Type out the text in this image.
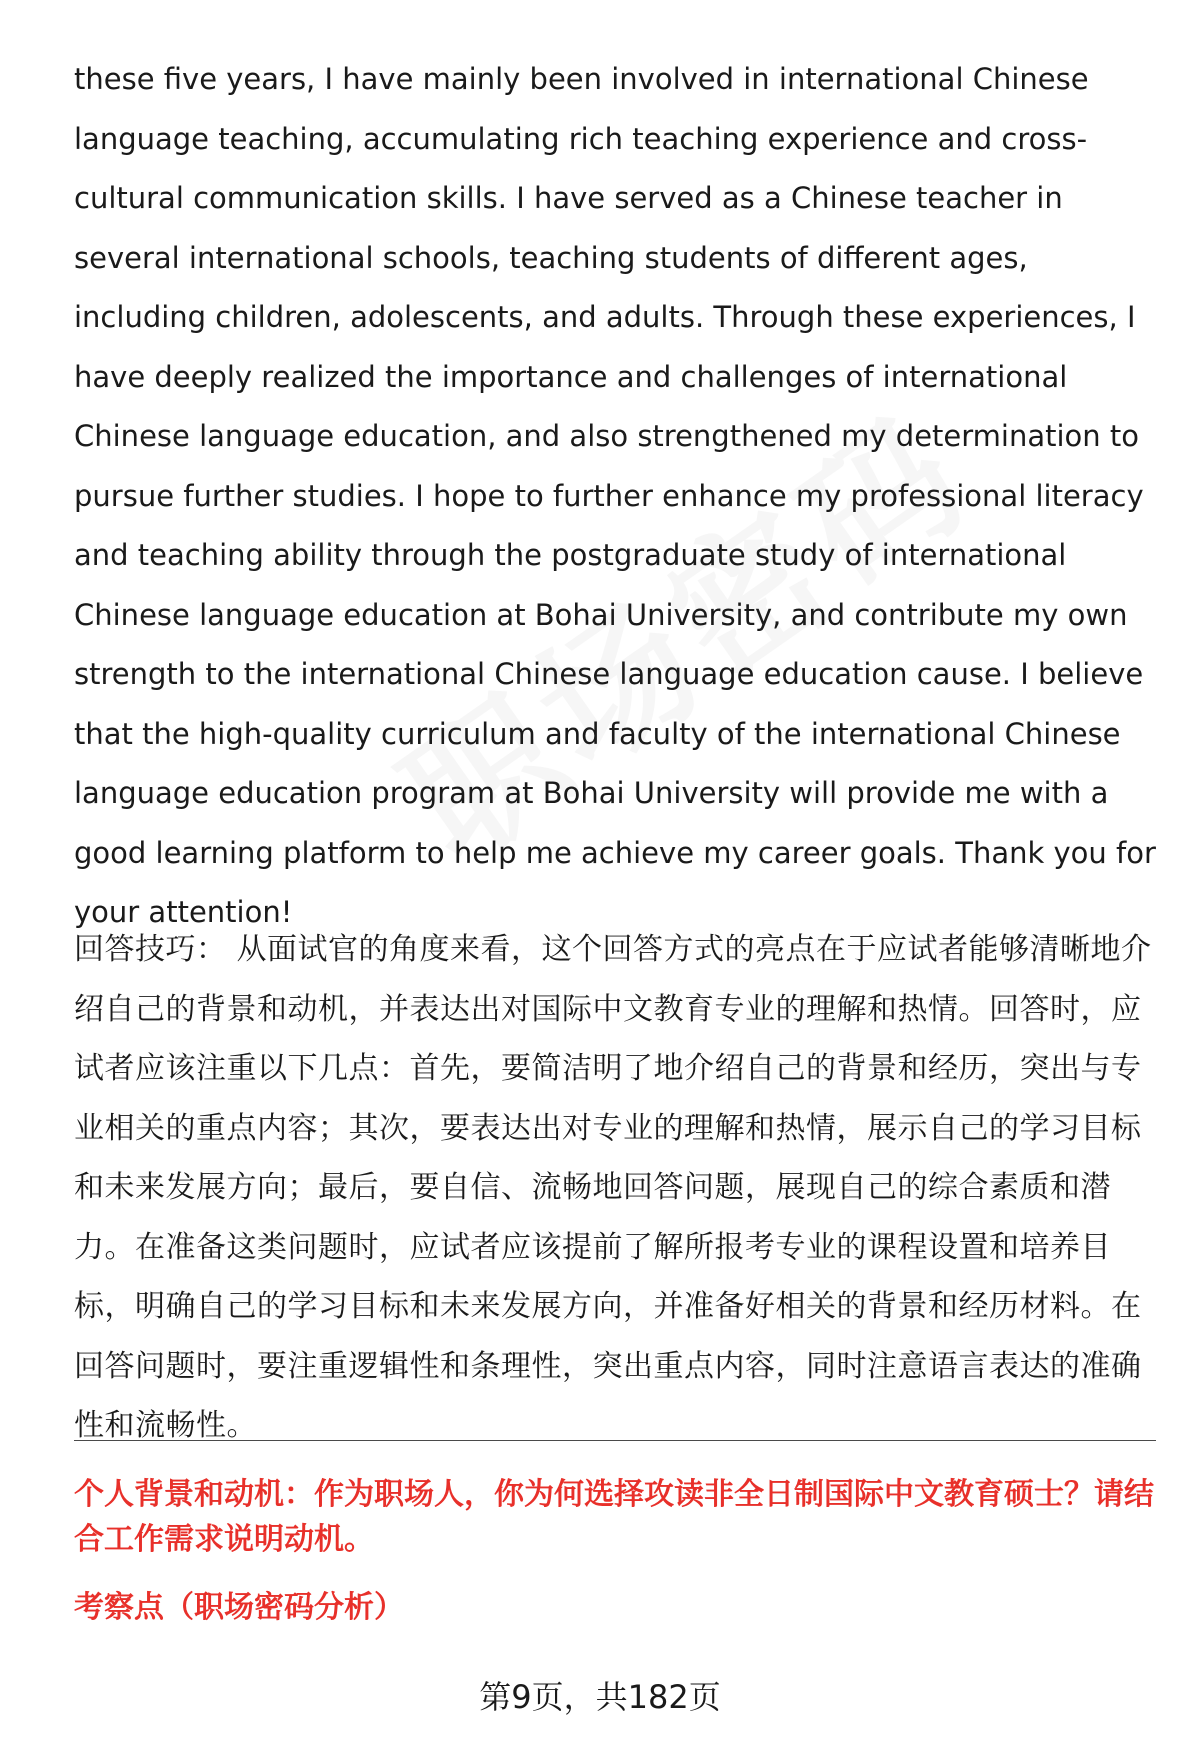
these five years, I have mainly been involved in international Chinese language teaching, accumulating rich teaching experience and cross-cultural communication skills. I have served as a Chinese teacher in several international schools, teaching students of different ages, including children, adolescents, and adults. Through these experiences, I have deeply realized the importance and challenges of international Chinese language education, and also strengthened my determination to pursue further studies. I hope to further enhance my professional literacy and teaching ability through the postgraduate study of international Chinese language education at Bohai University, and contribute my own strength to the international Chinese language education cause. I believe that the high-quality curriculum and faculty of the international Chinese language education program at Bohai University will provide me with a good learning platform to help me achieve my career goals. Thank you for your attention!

回答技巧： 从面试官的角度来看，这个回答方式的亮点在于应试者能够清晰地介绍自己的背景和动机，并表达出对国际中文教育专业的理解和热情。回答时，应试者应该注重以下几点：首先，要简洁明了地介绍自己的背景和经历，突出与专业相关的重点内容；其次，要表达出对专业的理解和热情，展示自己的学习目标和未来发展方向；最后，要自信、流畅地回答问题，展现自己的综合素质和潜力。在准备这类问题时，应试者应该提前了解所报考专业的课程设置和培养目标，明确自己的学习目标和未来发展方向，并准备好相关的背景和经历材料。在回答问题时，要注重逻辑性和条理性，突出重点内容，同时注意语言表达的准确性和流畅性。

个人背景和动机：作为职场人，你为何选择攻读非全日制国际中文教育硕士？请结合工作需求说明动机。

考察点（职场密码分析）

第9页，共182页
